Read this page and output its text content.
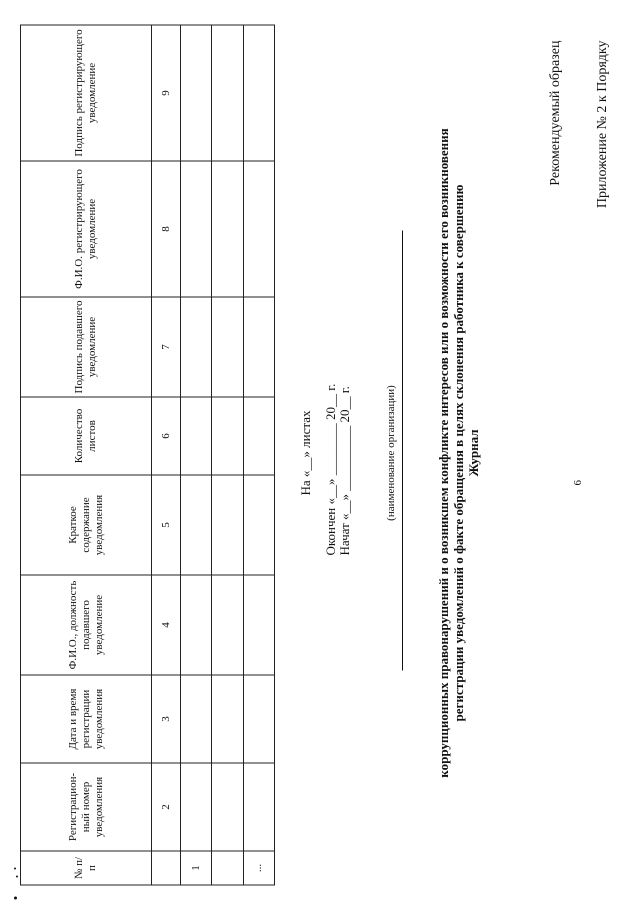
6
Приложение № 2 к Порядку
Рекомендуемый образец
Журнал
регистрации уведомлений о факте обращения в целях склонения работника к совершению
коррупционных правонарушений и о возникшем конфликте интересов или о возможности его возникновения
(наименование организации)
Начат «__» __________ 20__ г.
Окончен «__» ________ 20__ г.
На «__» листах
№ п/п	Регистрацион-ный номер уведомления	Дата и время регистрации уведомления	Ф.И.О., должность подавшего уведомление	Краткое содержание уведомления	Количество листов	Подпись подавшего уведомление	Ф.И.О. регистрирующего уведомление	Подпись регистрирующего уведомление
	2	3	4	5	6	7	8	9
1								

...								
